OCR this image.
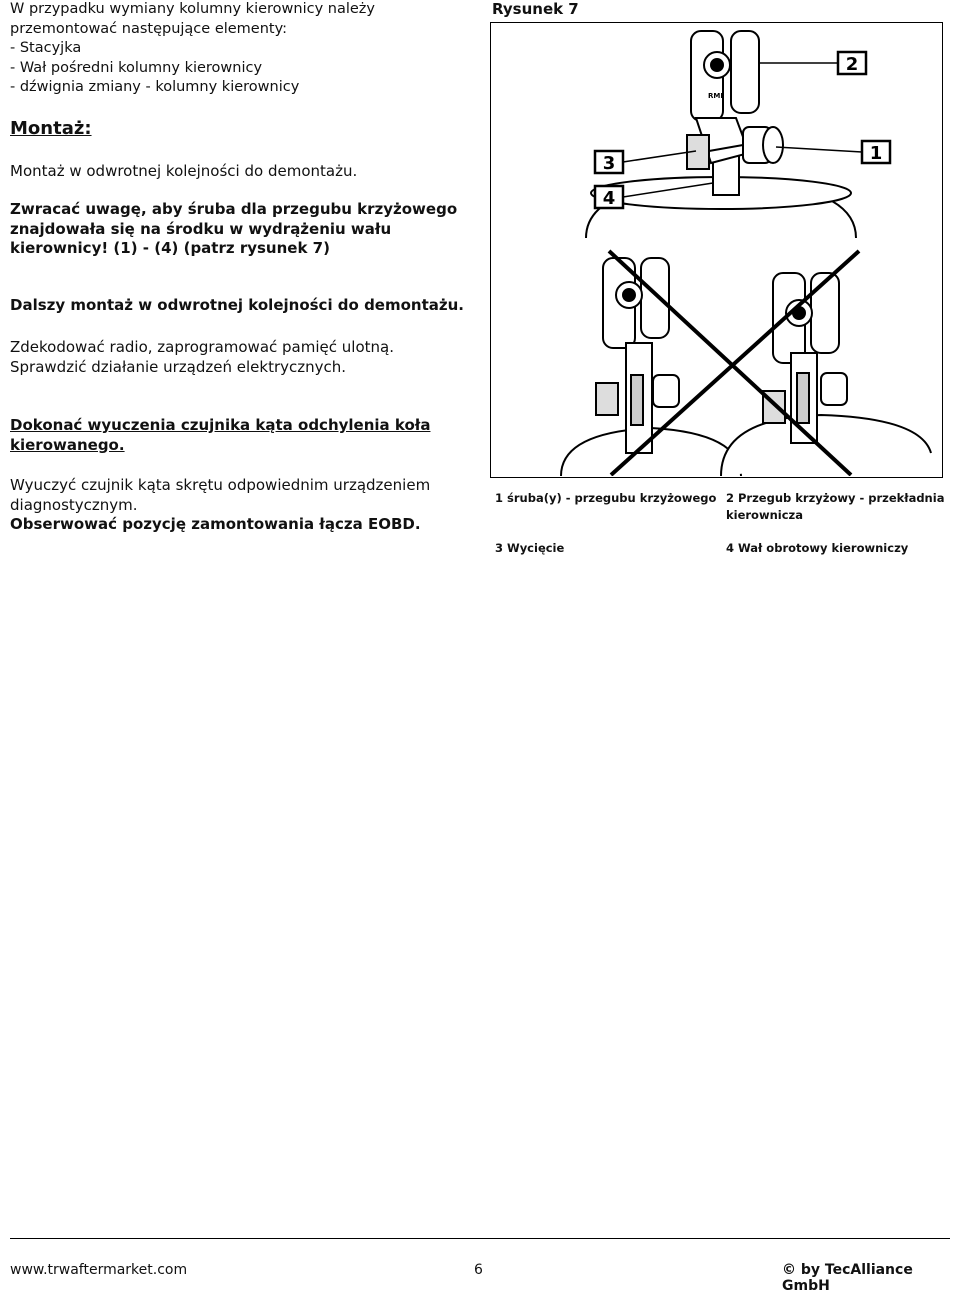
W przypadku wymiany kolumny kierownicy należy
przemontować następujące elementy:
- Stacyjka
- Wał pośredni kolumny kierownicy
- dźwignia zmiany - kolumny kierownicy
Rysunek 7
RMI
2
1
3
4
Montaż:
Montaż w odwrotnej kolejności do demontażu.
Zwracać uwagę, aby śruba dla przegubu krzyżowego znajdowała się na środku w wydrążeniu wału kierownicy! (1) - (4) (patrz rysunek 7)
Dalszy montaż w odwrotnej kolejności do demontażu.
Zdekodować radio, zaprogramować pamięć ulotną.
Sprawdzić działanie urządzeń elektrycznych.
Dokonać wyuczenia czujnika kąta odchylenia koła kierowanego.
Wyuczyć czujnik kąta skrętu odpowiednim urządzeniem diagnostycznym.
Obserwować pozycję zamontowania łącza EOBD.
1 śruba(y) - przegubu krzyżowego 2 Przegub krzyżowy - przekładnia kierownicza
3 Wycięcie	4 Wał obrotowy kierowniczy
www.trwaftermarket.com	6	© by TecAlliance GmbH
